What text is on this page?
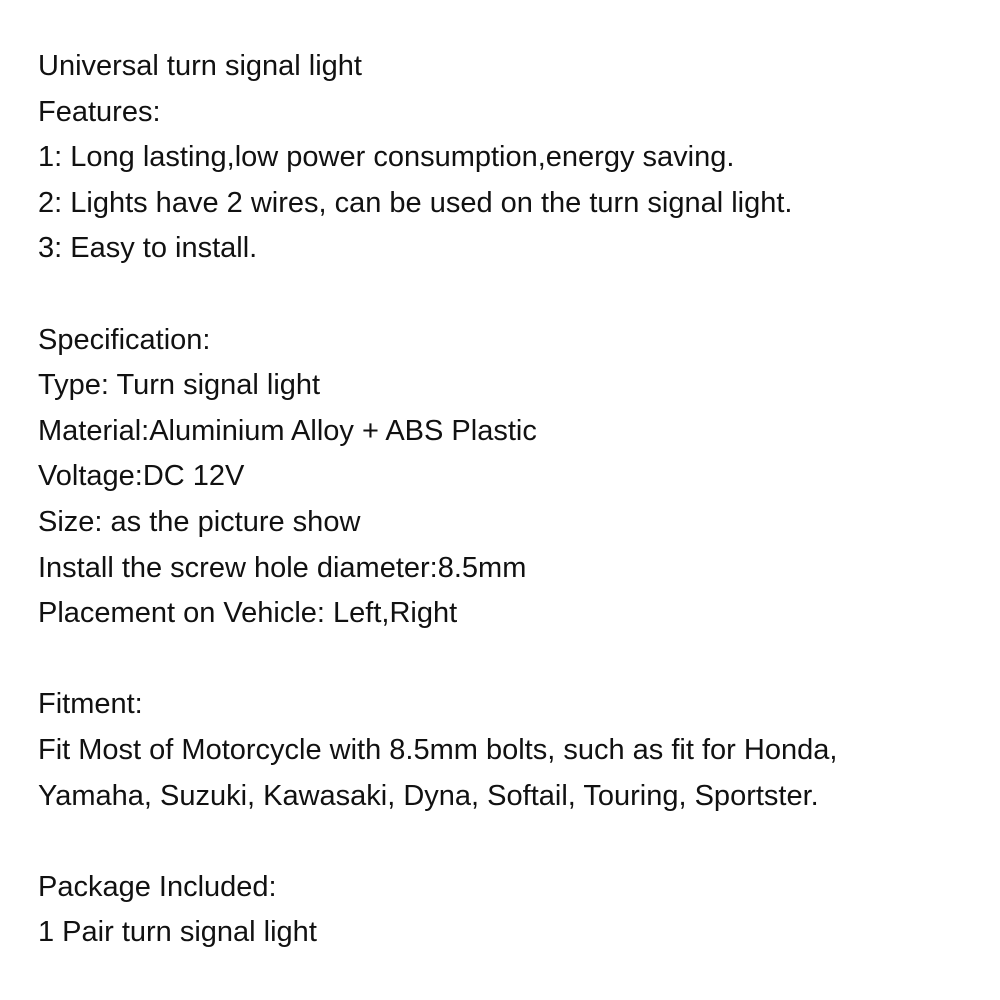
Universal turn signal light
Features:
1: Long lasting,low power consumption,energy saving.
2: Lights have 2 wires, can be used on the turn signal light.
3: Easy to install.
Specification:
Type: Turn signal light
Material:Aluminium Alloy + ABS Plastic
Voltage:DC 12V
Size: as the picture show
Install the screw hole diameter:8.5mm
Placement on Vehicle: Left,Right
Fitment:
Fit Most of Motorcycle with 8.5mm bolts, such as fit for Honda,
Yamaha, Suzuki, Kawasaki, Dyna, Softail, Touring, Sportster.
Package Included:
1 Pair turn signal light
